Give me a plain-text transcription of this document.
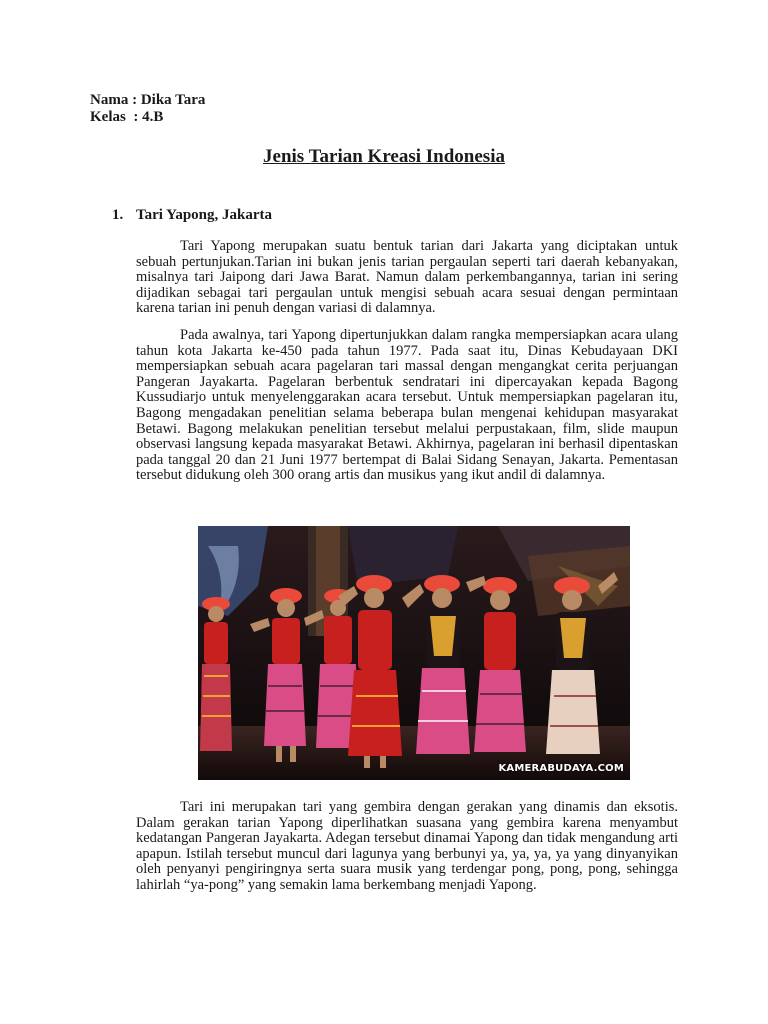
Nama : Dika Tara
Kelas  : 4.B
Jenis Tarian Kreasi Indonesia
1. Tari Yapong, Jakarta

Tari Yapong merupakan suatu bentuk tarian dari Jakarta yang diciptakan untuk sebuah pertunjukan.Tarian ini bukan jenis tarian pergaulan seperti tari daerah kebanyakan, misalnya tari Jaipong dari Jawa Barat. Namun dalam perkembangannya, tarian ini sering dijadikan sebagai tari pergaulan untuk mengisi sebuah acara sesuai dengan permintaan karena tarian ini penuh dengan variasi di dalamnya.

Pada awalnya, tari Yapong dipertunjukkan dalam rangka mempersiapkan acara ulang tahun kota Jakarta ke-450 pada tahun 1977. Pada saat itu, Dinas Kebudayaan DKI mempersiapkan sebuah acara pagelaran tari massal dengan mengangkat cerita perjuangan Pangeran Jayakarta. Pagelaran berbentuk sendratari ini dipercayakan kepada Bagong Kussudiarjo untuk menyelenggarakan acara tersebut. Untuk mempersiapkan pagelaran itu, Bagong mengadakan penelitian selama beberapa bulan mengenai kehidupan masyarakat Betawi. Bagong melakukan penelitian tersebut melalui perpustakaan, film, slide maupun observasi langsung kepada masyarakat Betawi. Akhirnya, pagelaran ini berhasil dipentaskan pada tanggal 20 dan 21 Juni 1977 bertempat di Balai Sidang Senayan, Jakarta. Pementasan tersebut didukung oleh 300 orang artis dan musikus yang ikut andil di dalamnya.

KAMERABUDAYA.COM

Tari ini merupakan tari yang gembira dengan gerakan yang dinamis dan eksotis. Dalam gerakan tarian Yapong diperlihatkan suasana yang gembira karena menyambut kedatangan Pangeran Jayakarta. Adegan tersebut dinamai Yapong dan tidak mengandung arti apapun. Istilah tersebut muncul dari lagunya yang berbunyi ya, ya, ya, ya yang dinyanyikan oleh penyanyi pengiringnya serta suara musik yang terdengar pong, pong, pong, sehingga lahirlah “ya-pong” yang semakin lama berkembang menjadi Yapong.
